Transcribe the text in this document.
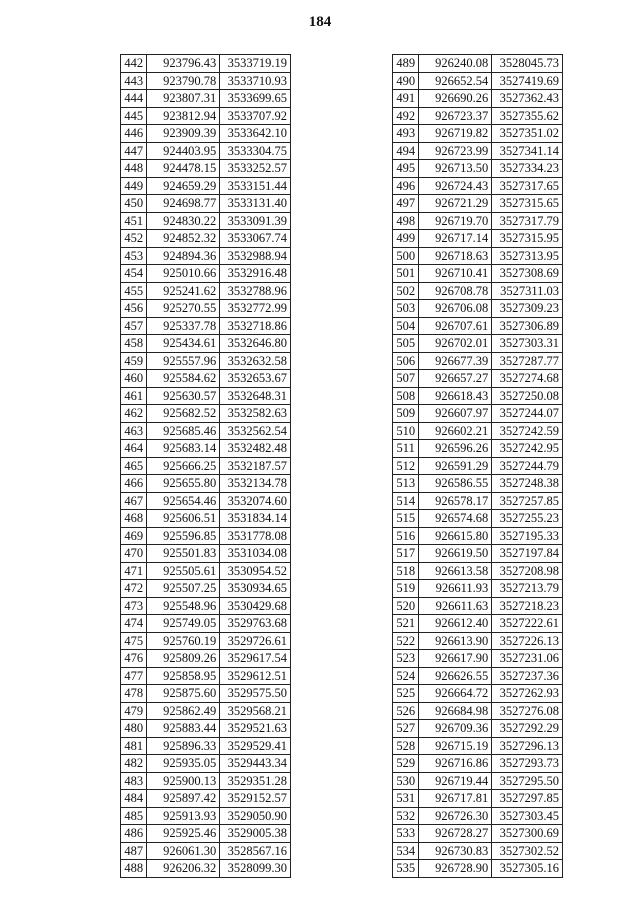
184
442	923796.43	3533719.19
443	923790.78	3533710.93
444	923807.31	3533699.65
445	923812.94	3533707.92
446	923909.39	3533642.10
447	924403.95	3533304.75
448	924478.15	3533252.57
449	924659.29	3533151.44
450	924698.77	3533131.40
451	924830.22	3533091.39
452	924852.32	3533067.74
453	924894.36	3532988.94
454	925010.66	3532916.48
455	925241.62	3532788.96
456	925270.55	3532772.99
457	925337.78	3532718.86
458	925434.61	3532646.80
459	925557.96	3532632.58
460	925584.62	3532653.67
461	925630.57	3532648.31
462	925682.52	3532582.63
463	925685.46	3532562.54
464	925683.14	3532482.48
465	925666.25	3532187.57
466	925655.80	3532134.78
467	925654.46	3532074.60
468	925606.51	3531834.14
469	925596.85	3531778.08
470	925501.83	3531034.08
471	925505.61	3530954.52
472	925507.25	3530934.65
473	925548.96	3530429.68
474	925749.05	3529763.68
475	925760.19	3529726.61
476	925809.26	3529617.54
477	925858.95	3529612.51
478	925875.60	3529575.50
479	925862.49	3529568.21
480	925883.44	3529521.63
481	925896.33	3529529.41
482	925935.05	3529443.34
483	925900.13	3529351.28
484	925897.42	3529152.57
485	925913.93	3529050.90
486	925925.46	3529005.38
487	926061.30	3528567.16
488	926206.32	3528099.30
489	926240.08	3528045.73
490	926652.54	3527419.69
491	926690.26	3527362.43
492	926723.37	3527355.62
493	926719.82	3527351.02
494	926723.99	3527341.14
495	926713.50	3527334.23
496	926724.43	3527317.65
497	926721.29	3527315.65
498	926719.70	3527317.79
499	926717.14	3527315.95
500	926718.63	3527313.95
501	926710.41	3527308.69
502	926708.78	3527311.03
503	926706.08	3527309.23
504	926707.61	3527306.89
505	926702.01	3527303.31
506	926677.39	3527287.77
507	926657.27	3527274.68
508	926618.43	3527250.08
509	926607.97	3527244.07
510	926602.21	3527242.59
511	926596.26	3527242.95
512	926591.29	3527244.79
513	926586.55	3527248.38
514	926578.17	3527257.85
515	926574.68	3527255.23
516	926615.80	3527195.33
517	926619.50	3527197.84
518	926613.58	3527208.98
519	926611.93	3527213.79
520	926611.63	3527218.23
521	926612.40	3527222.61
522	926613.90	3527226.13
523	926617.90	3527231.06
524	926626.55	3527237.36
525	926664.72	3527262.93
526	926684.98	3527276.08
527	926709.36	3527292.29
528	926715.19	3527296.13
529	926716.86	3527293.73
530	926719.44	3527295.50
531	926717.81	3527297.85
532	926726.30	3527303.45
533	926728.27	3527300.69
534	926730.83	3527302.52
535	926728.90	3527305.16
